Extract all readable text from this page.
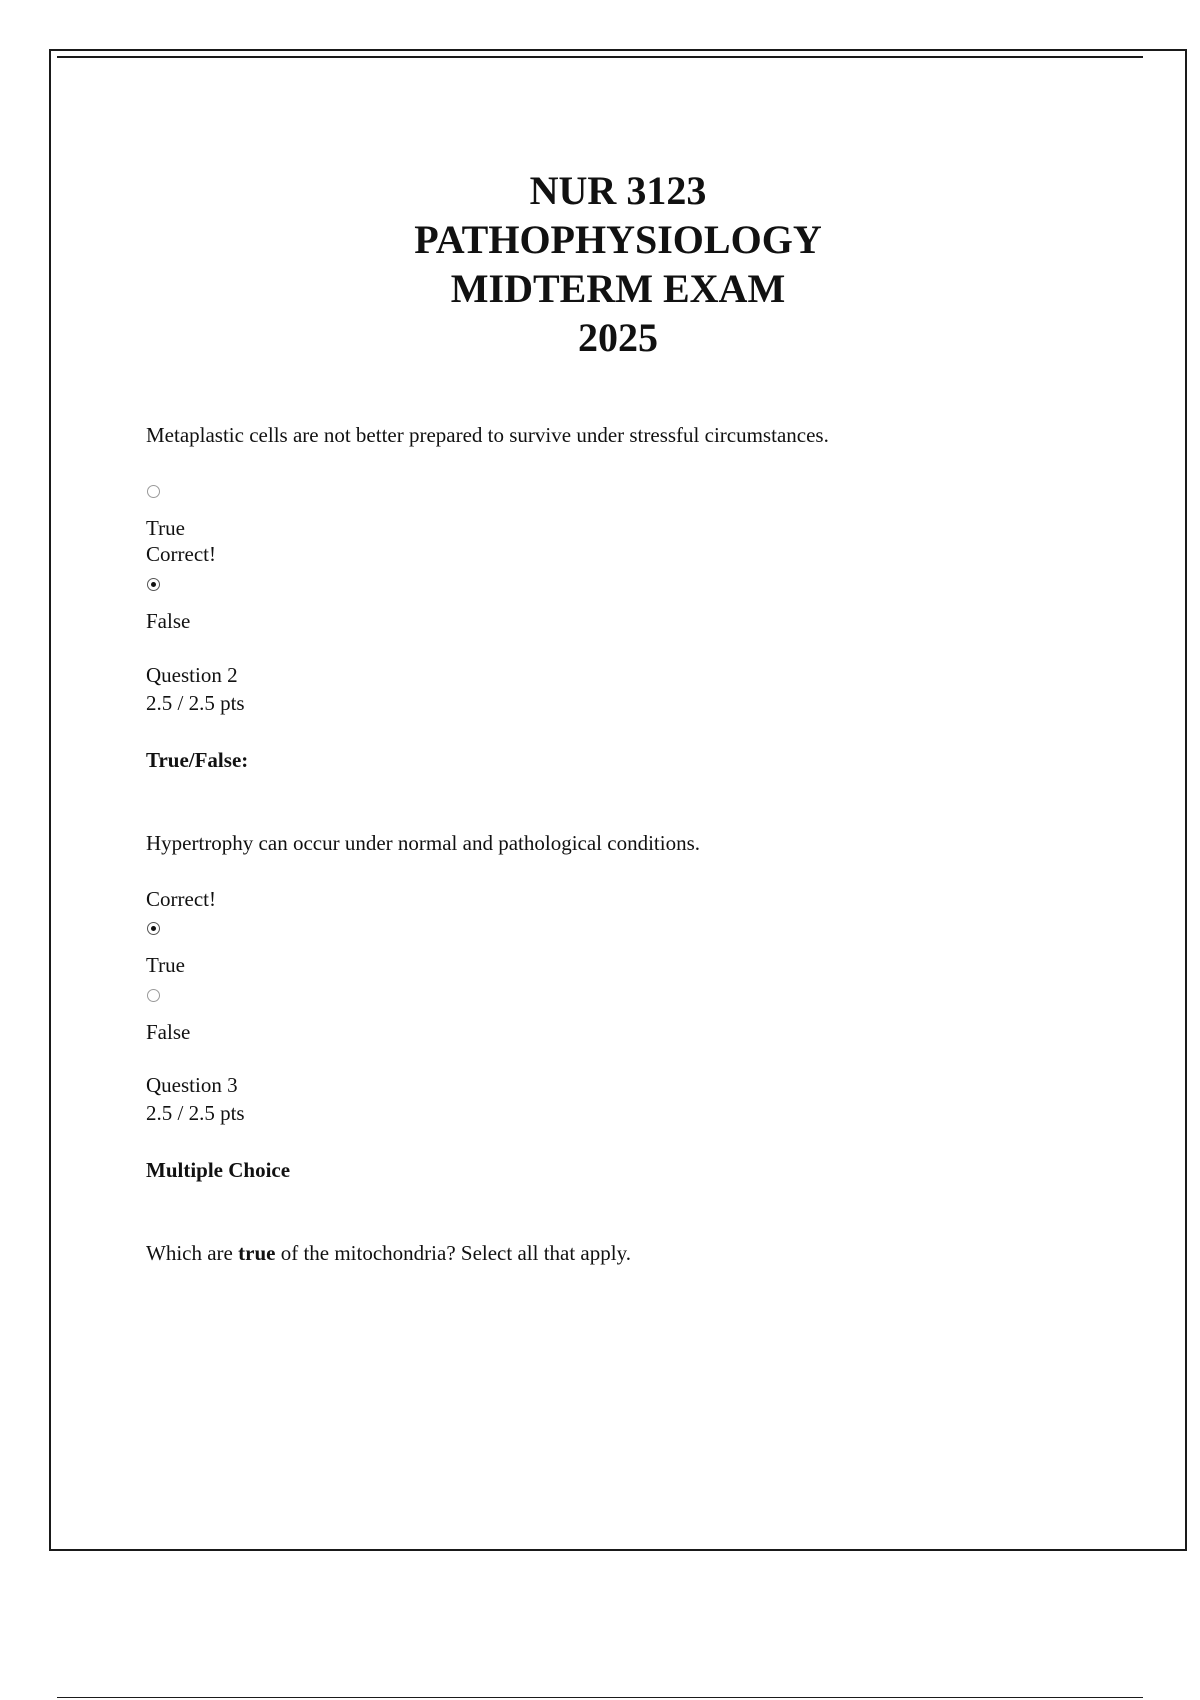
NUR 3123
PATHOPHYSIOLOGY
MIDTERM EXAM
2025
Metaplastic cells are not better prepared to survive under stressful circumstances.
True
Correct!
False
Question 2
2.5 / 2.5 pts
True/False:
Hypertrophy can occur under normal and pathological conditions.
Correct!
True
False
Question 3
2.5 / 2.5 pts
Multiple Choice
Which are true of the mitochondria? Select all that apply.
